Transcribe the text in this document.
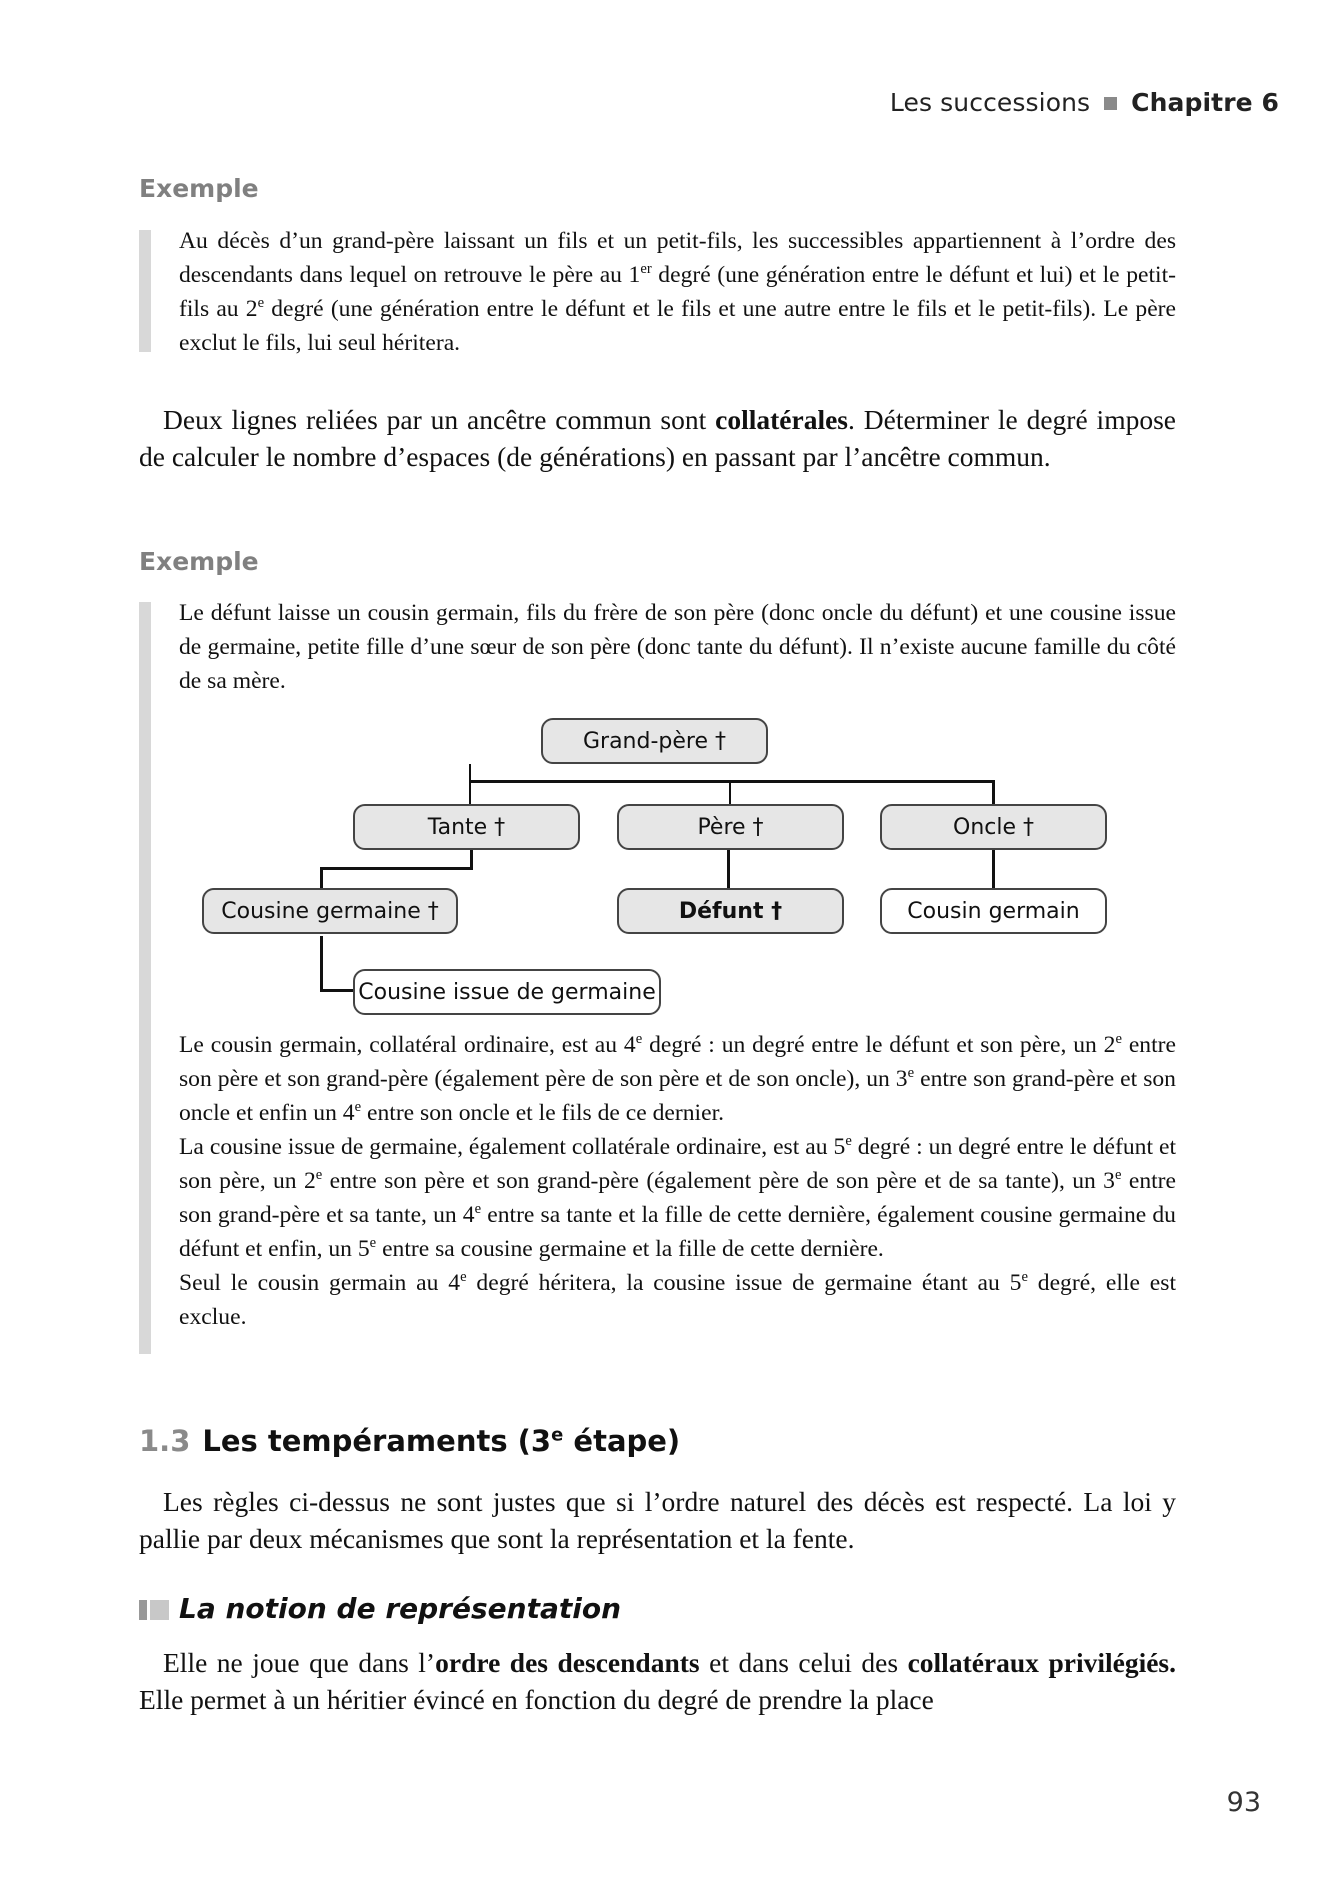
Les successions Chapitre 6
Exemple
Au décès d’un grand-père laissant un fils et un petit-fils, les successibles appartiennent à l’ordre des descendants dans lequel on retrouve le père au 1er degré (une génération entre le défunt et lui) et le petit-fils au 2e degré (une génération entre le défunt et le fils et une autre entre le fils et le petit-fils). Le père exclut le fils, lui seul héritera.
Deux lignes reliées par un ancêtre commun sont collatérales. Déterminer le degré impose de calculer le nombre d’espaces (de générations) en passant par l’ancêtre commun.
Exemple
Le défunt laisse un cousin germain, fils du frère de son père (donc oncle du défunt) et une cousine issue de germaine, petite fille d’une sœur de son père (donc tante du défunt). Il n’existe aucune famille du côté de sa mère.
Grand-père †
Tante †	Père †	Oncle †
Cousine germaine †	Défunt †	Cousin germain
Cousine issue de germaine
Le cousin germain, collatéral ordinaire, est au 4e degré : un degré entre le défunt et son père, un 2e entre son père et son grand-père (également père de son père et de son oncle), un 3e entre son grand-père et son oncle et enfin un 4e entre son oncle et le fils de ce dernier.
La cousine issue de germaine, également collatérale ordinaire, est au 5e degré : un degré entre le défunt et son père, un 2e entre son père et son grand-père (également père de son père et de sa tante), un 3e entre son grand-père et sa tante, un 4e entre sa tante et la fille de cette dernière, également cousine germaine du défunt et enfin, un 5e entre sa cousine germaine et la fille de cette dernière.
Seul le cousin germain au 4e degré héritera, la cousine issue de germaine étant au 5e degré, elle est exclue.
1.3 Les tempéraments (3e étape)
Les règles ci-dessus ne sont justes que si l’ordre naturel des décès est respecté. La loi y pallie par deux mécanismes que sont la représentation et la fente.
La notion de représentation
Elle ne joue que dans l’ordre des descendants et dans celui des collatéraux privilégiés. Elle permet à un héritier évincé en fonction du degré de prendre la place
93
